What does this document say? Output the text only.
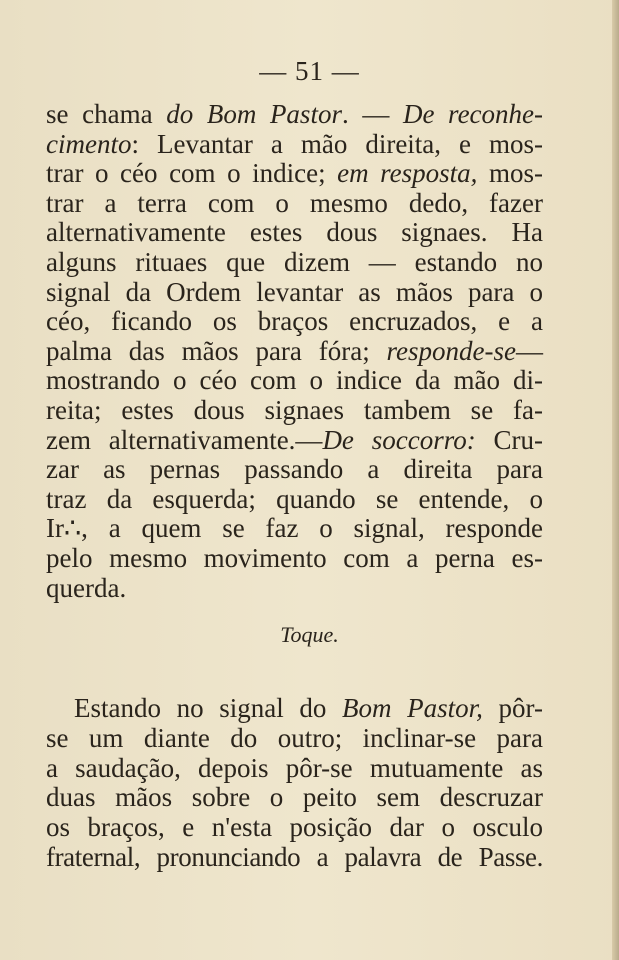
— 51 —
se chama do Bom Pastor. — De reconhe-
cimento: Levantar a mão direita, e mos-
trar o céo com o indice; em resposta, mos-
trar a terra com o mesmo dedo, fazer
alternativamente estes dous signaes. Ha
alguns rituaes que dizem — estando no
signal da Ordem levantar as mãos para o
céo, ficando os braços encruzados, e a
palma das mãos para fóra; responde-se—
mostrando o céo com o indice da mão di-
reita; estes dous signaes tambem se fa-
zem alternativamente.—De soccorro: Cru-
zar as pernas passando a direita para
traz da esquerda; quando se entende, o
Ir∴, a quem se faz o signal, responde
pelo mesmo movimento com a perna es-
querda.
Toque.
Estando no signal do Bom Pastor, pôr-
se um diante do outro; inclinar-se para
a saudação, depois pôr-se mutuamente as
duas mãos sobre o peito sem descruzar
os braços, e n'esta posição dar o osculo
fraternal, pronunciando a palavra de Passe.
